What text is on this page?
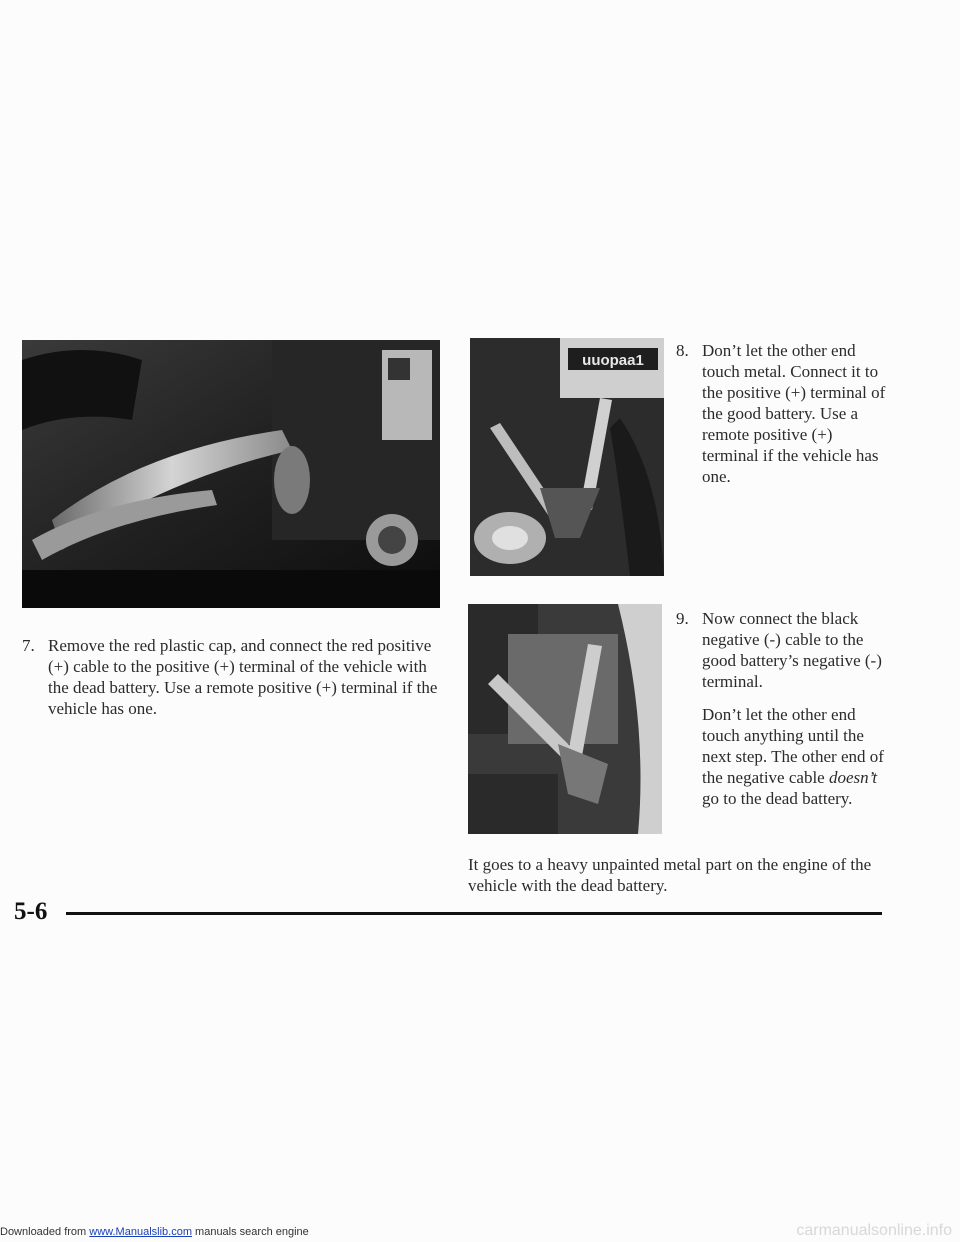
uuopaa1
7. Remove the red plastic cap, and connect the red positive (+) cable to the positive (+) terminal of the vehicle with the dead battery. Use a remote positive (+) terminal if the vehicle has one.

8. Don’t let the other end touch metal. Connect it to the positive (+) terminal of the good battery. Use a remote positive (+) terminal if the vehicle has one.

9. Now connect the black negative (-) cable to the good battery’s negative (-) terminal.

Don’t let the other end touch anything until the next step. The other end of the negative cable doesn’t go to the dead battery.

It goes to a heavy unpainted metal part on the engine of the vehicle with the dead battery.
5-6
Downloaded from www.Manualslib.com manuals search engine	carmanualsonline.info
